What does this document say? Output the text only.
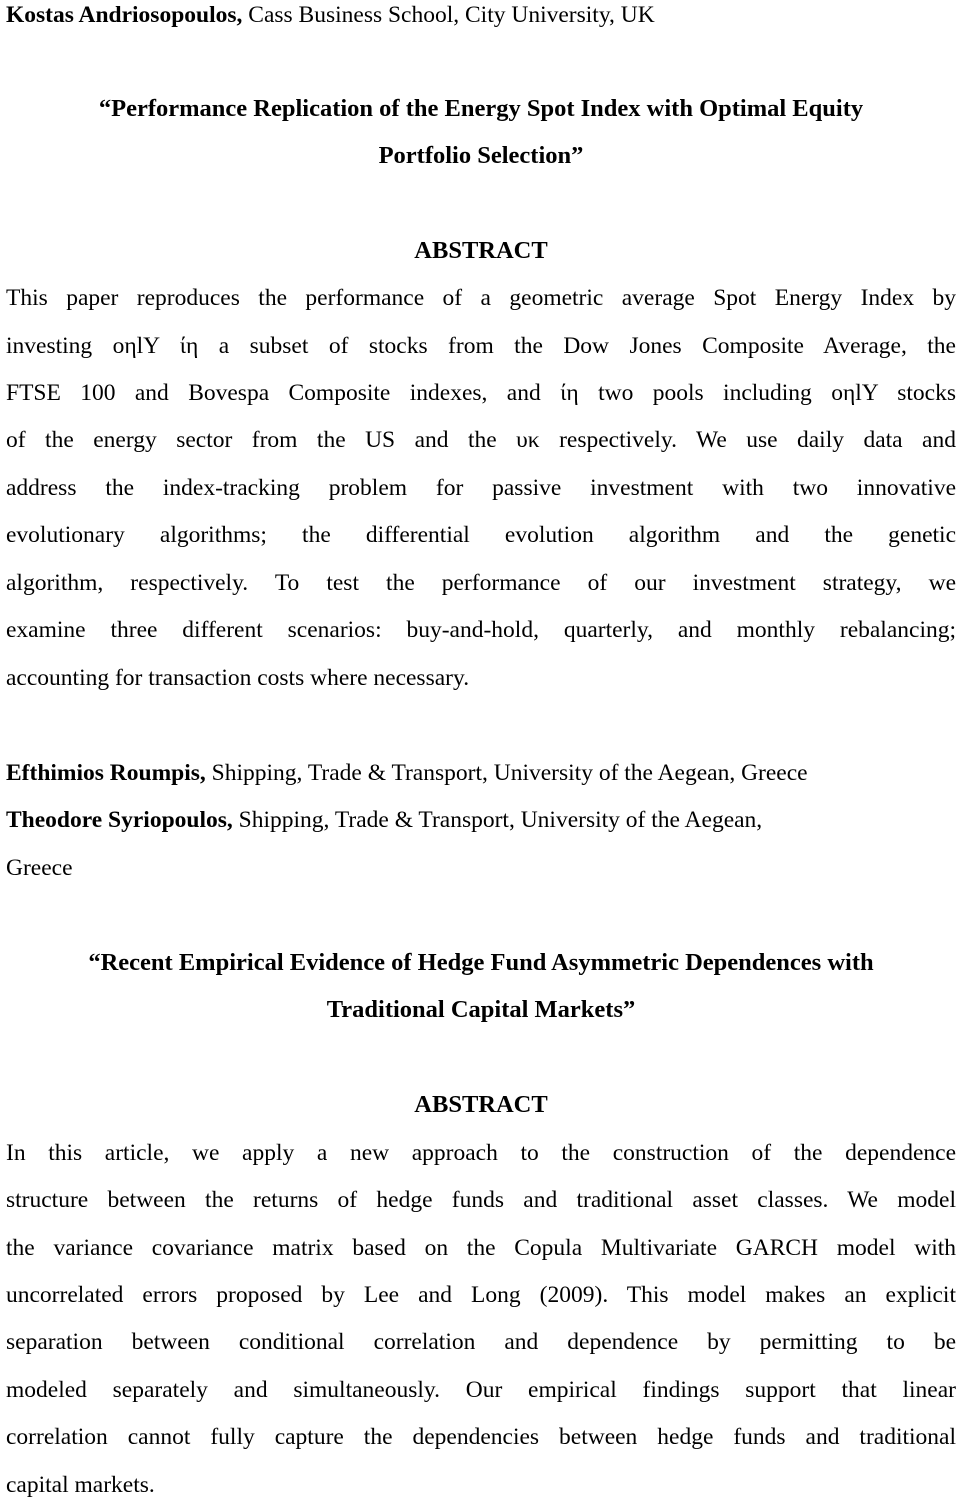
Kostas Andriosopoulos, Cass Business School, City University, UK
“Performance Replication of the Energy Spot Index with Optimal Equity
Portfolio Selection”
ABSTRACT
This paper reproduces the performance of a geometric average Spot Energy Index by
investing οηlY ίη a subset of stocks from the Dow Jones Composite Average, the
FTSE 100 and Bovespa Composite indexes, and ίη two pools including οηlY stocks
of the energy sector from the US and the υκ respectively. We use daily data and
address the index-tracking problem for passive investment with two innovative
evolutionary algorithms; the differential evolution algorithm and the genetic
algorithm, respectively. To test the performance of our investment strategy, we
examine three different scenarios: buy-and-hold, quarterly, and monthly rebalancing;
accounting for transaction costs where necessary.
Efthimios Roumpis, Shipping, Trade & Transport, University of the Aegean, Greece
Theodore Syriopoulos, Shipping, Trade & Transport, University of the Aegean,
Greece
“Recent Empirical Evidence of Hedge Fund Asymmetric Dependences with
Traditional Capital Markets”
ABSTRACT
In this article, we apply a new approach to the construction of the dependence
structure between the returns of hedge funds and traditional asset classes. We model
the variance covariance matrix based on the Copula Multivariate GARCH model with
uncorrelated errors proposed by Lee and Long (2009). This model makes an explicit
separation between conditional correlation and dependence by permitting to be
modeled separately and simultaneously. Our empirical findings support that linear
correlation cannot fully capture the dependencies between hedge funds and traditional
capital markets.
